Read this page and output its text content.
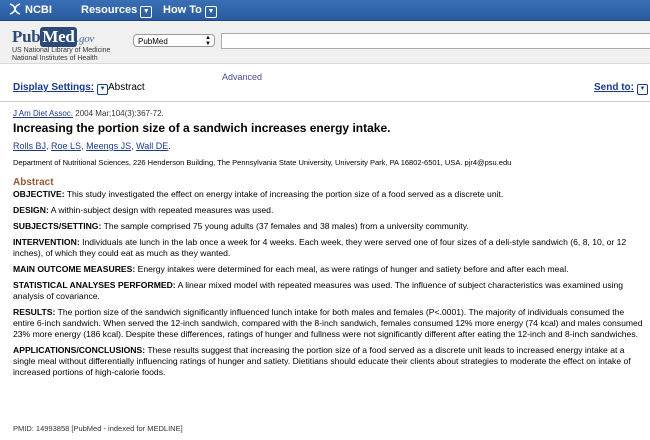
NCBI	Resources ▼ How To ▼
Pub Med .gov
US National Library of Medicine
National Institutes of Health
PubMed	▲
▼
Advanced
Display Settings: ▼ Abstract	Send to: ▼
J Am Diet Assoc. 2004 Mar;104(3):367-72.
Increasing the portion size of a sandwich increases energy intake.
Rolls BJ, Roe LS, Meengs JS, Wall DE.
Department of Nutritional Sciences, 226 Henderson Building, The Pennsylvania State University, University Park, PA 16802-6501, USA. pjr4@psu.edu
Abstract
OBJECTIVE: This study investigated the effect on energy intake of increasing the portion size of a food served as a discrete unit.
DESIGN: A within-subject design with repeated measures was used.
SUBJECTS/SETTING: The sample comprised 75 young adults (37 females and 38 males) from a university community.
INTERVENTION: Individuals ate lunch in the lab once a week for 4 weeks. Each week, they were served one of four sizes of a deli-style sandwich (6, 8, 10, or 12 inches), of which they could eat as much as they wanted.
MAIN OUTCOME MEASURES: Energy intakes were determined for each meal, as were ratings of hunger and satiety before and after each meal.
STATISTICAL ANALYSES PERFORMED: A linear mixed model with repeated measures was used. The influence of subject characteristics was examined using analysis of covariance.
RESULTS: The portion size of the sandwich significantly influenced lunch intake for both males and females (P<.0001). The majority of individuals consumed the entire 6-inch sandwich. When served the 12-inch sandwich, compared with the 8-inch sandwich, females consumed 12% more energy (74 kcal) and males consumed 23% more energy (186 kcal). Despite these differences, ratings of hunger and fullness were not significantly different after eating the 12-inch and 8-inch sandwiches.
APPLICATIONS/CONCLUSIONS: These results suggest that increasing the portion size of a food served as a discrete unit leads to increased energy intake at a single meal without differentially influencing ratings of hunger and satiety. Dietitians should educate their clients about strategies to moderate the effect on intake of increased portions of high-calorie foods.
PMID: 14993858 [PubMed - indexed for MEDLINE]
